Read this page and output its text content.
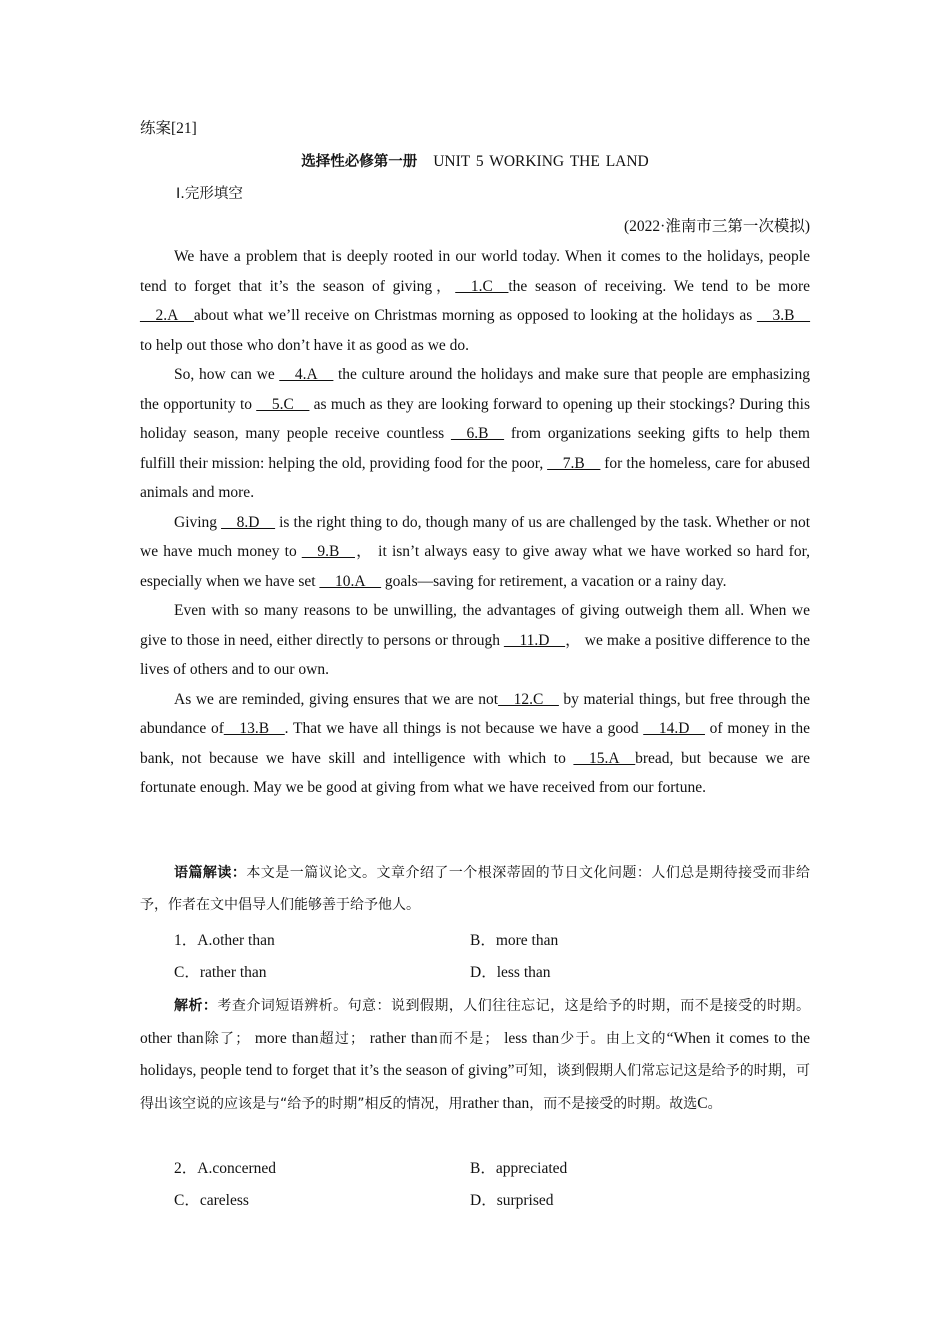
练案[21]
选择性必修第一册 UNIT 5 WORKING THE LAND
Ⅰ.完形填空
(2022·淮南市三第一次模拟)

We have a problem that is deeply rooted in our world today. When it comes to the holidays, people tend to forget that it’s the season of giving，__1.C__the season of receiving. We tend to be more __2.A__about what we’ll receive on Christmas morning as opposed to looking at the holidays as __3.B__ to help out those who don’t have it as good as we do.

So, how can we __4.A__ the culture around the holidays and make sure that people are emphasizing the opportunity to __5.C__ as much as they are looking forward to opening up their stockings? During this holiday season, many people receive countless __6.B__ from organizations seeking gifts to help them fulfill their mission: helping the old, providing food for the poor, __7.B__ for the homeless, care for abused animals and more.

Giving __8.D__ is the right thing to do, though many of us are challenged by the task. Whether or not we have much money to __9.B__， it isn’t always easy to give away what we have worked so hard for, especially when we have set __10.A__ goals—saving for retirement, a vacation or a rainy day.

Even with so many reasons to be unwilling, the advantages of giving outweigh them all. When we give to those in need, either directly to persons or through __11.D__， we make a positive difference to the lives of others and to our own.

As we are reminded, giving ensures that we are not__12.C__ by material things, but free through the abundance of__13.B__. That we have all things is not because we have a good __14.D__ of money in the bank, not because we have skill and intelligence with which to __15.A__bread, but because we are fortunate enough. May we be good at giving from what we have received from our fortune.

语篇解读：本文是一篇议论文。文章介绍了一个根深蒂固的节日文化问题：人们总是期待接受而非给予，作者在文中倡导人们能够善于给予他人。
1．A.other than	B．more than
C．rather than	D．less than
解析：考查介词短语辨析。句意：说到假期，人们往往忘记，这是给予的时期，而不是接受的时期。 other than除了； more than超过； rather than而不是； less than少于。由上文的“When it comes to the holidays, people tend to forget that it’s the season of giving”可知，谈到假期人们常忘记这是给予的时期，可得出该空说的应该是与“给予的时期”相反的情况，用rather than，而不是接受的时期。故选C。
2．A.concerned	B．appreciated
C．careless	D．surprised
